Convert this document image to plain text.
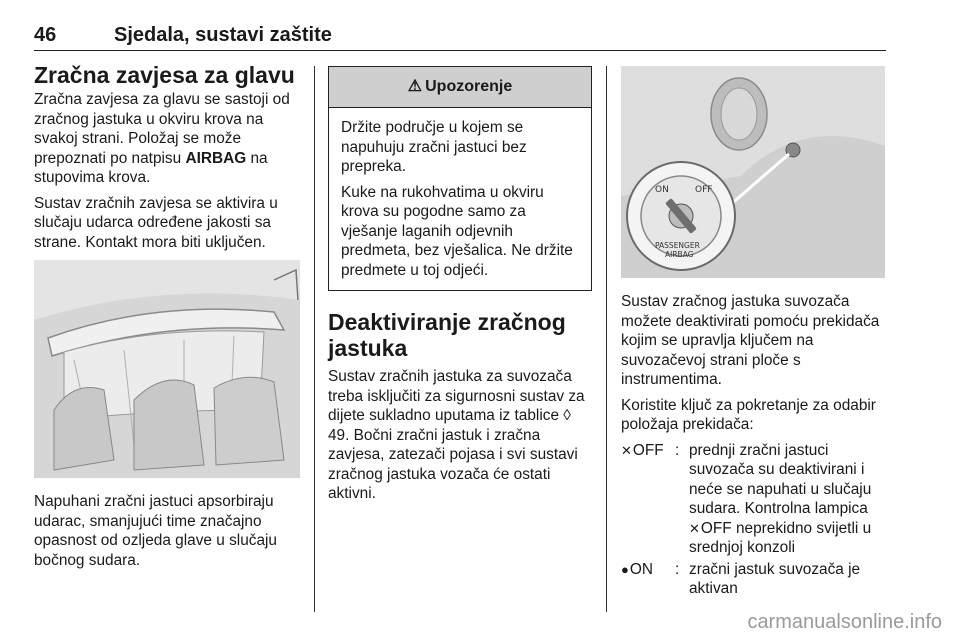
46	Sjedala, sustavi zaštite
Zračna zavjesa za glavu
Zračna zavjesa za glavu se sastoji od zračnog jastuka u okviru krova na svakoj strani. Položaj se može prepoznati po natpisu AIRBAG na stupovima krova.
Sustav zračnih zavjesa se aktivira u slučaju udarca određene jakosti sa strane. Kontakt mora biti uključen.
Napuhani zračni jastuci apsorbiraju udarac, smanjujući time značajno opasnost od ozljeda glave u slučaju bočnog sudara.
⚠ Upozorenje
Držite područje u kojem se napuhuju zračni jastuci bez prepreka.
Kuke na rukohvatima u okviru krova su pogodne samo za vješanje laganih odjevnih predmeta, bez vješalica. Ne držite predmete u toj odjeći.
Deaktiviranje zračnog jastuka
Sustav zračnih jastuka za suvozača treba isključiti za sigurnosni sustav za dijete sukladno uputama iz tablice ◊ 49. Bočni zračni jastuk i zračna zavjesa, zatezači pojasa i svi sustavi zračnog jastuka vozača će ostati aktivni.
ON	OFF
PASSENGER
AIRBAG
Sustav zračnog jastuka suvozača možete deaktivirati pomoću prekidača kojim se upravlja ključem na suvozačevoj strani ploče s instrumentima.
Koristite ključ za pokretanje za odabir položaja prekidača:
✕OFF : prednji zračni jastuci suvozača su deaktivirani i neće se napuhati u slučaju sudara. Kontrolna lampica ✕OFF neprekidno svijetli u srednjoj konzoli
●ON	: zračni jastuk suvozača je aktivan
carmanualsonline.info
